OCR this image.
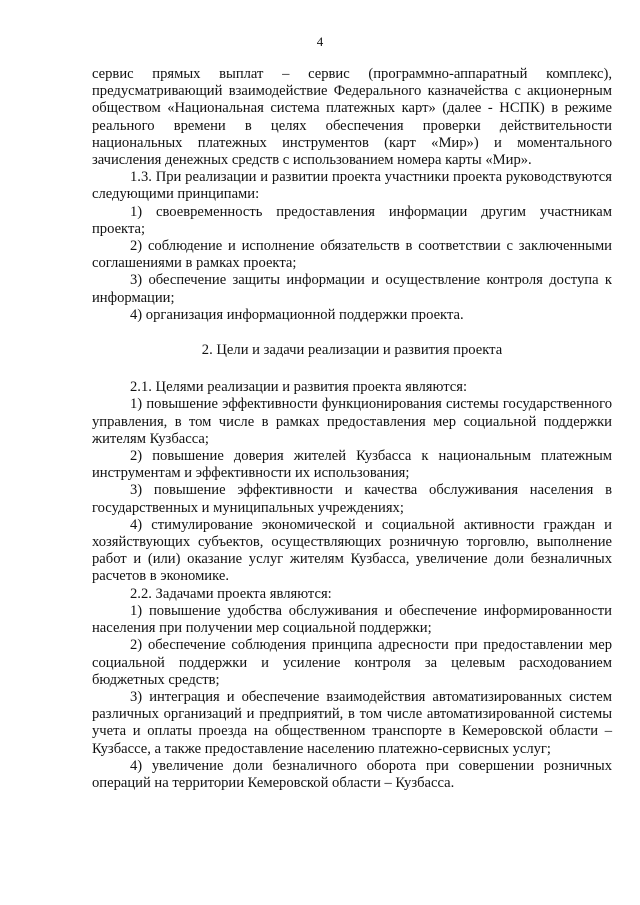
4

сервис прямых выплат – сервис (программно-аппаратный комплекс), предусматривающий взаимодействие Федерального казначейства с акционерным обществом «Национальная система платежных карт» (далее - НСПК) в режиме реального времени в целях обеспечения проверки действительности национальных платежных инструментов (карт «Мир») и моментального зачисления денежных средств с использованием номера карты «Мир».

1.3. При реализации и развитии проекта участники проекта руководствуются следующими принципами:

1) своевременность предоставления информации другим участникам проекта;

2) соблюдение и исполнение обязательств в соответствии с заключенными соглашениями в рамках проекта;

3) обеспечение защиты информации и осуществление контроля доступа к информации;

4) организация информационной поддержки проекта.

2. Цели и задачи реализации и развития проекта

2.1. Целями реализации и развития проекта являются:

1) повышение эффективности функционирования системы государственного управления, в том числе в рамках предоставления мер социальной поддержки жителям Кузбасса;

2) повышение доверия жителей Кузбасса к национальным платежным инструментам и эффективности их использования;

3) повышение эффективности и качества обслуживания населения в государственных и муниципальных учреждениях;

4) стимулирование экономической и социальной активности граждан и хозяйствующих субъектов, осуществляющих розничную торговлю, выполнение работ и (или) оказание услуг жителям Кузбасса, увеличение доли безналичных расчетов в экономике.

2.2. Задачами проекта являются:

1) повышение удобства обслуживания и обеспечение информированности населения при получении мер социальной поддержки;

2) обеспечение соблюдения принципа адресности при предоставлении мер социальной поддержки и усиление контроля за целевым расходованием бюджетных средств;

3) интеграция и обеспечение взаимодействия автоматизированных систем различных организаций и предприятий, в том числе автоматизированной системы учета и оплаты проезда на общественном транспорте в Кемеровской области – Кузбассе, а также предоставление населению платежно-сервисных услуг;

4) увеличение доли безналичного оборота при совершении розничных операций на территории Кемеровской области – Кузбасса.
